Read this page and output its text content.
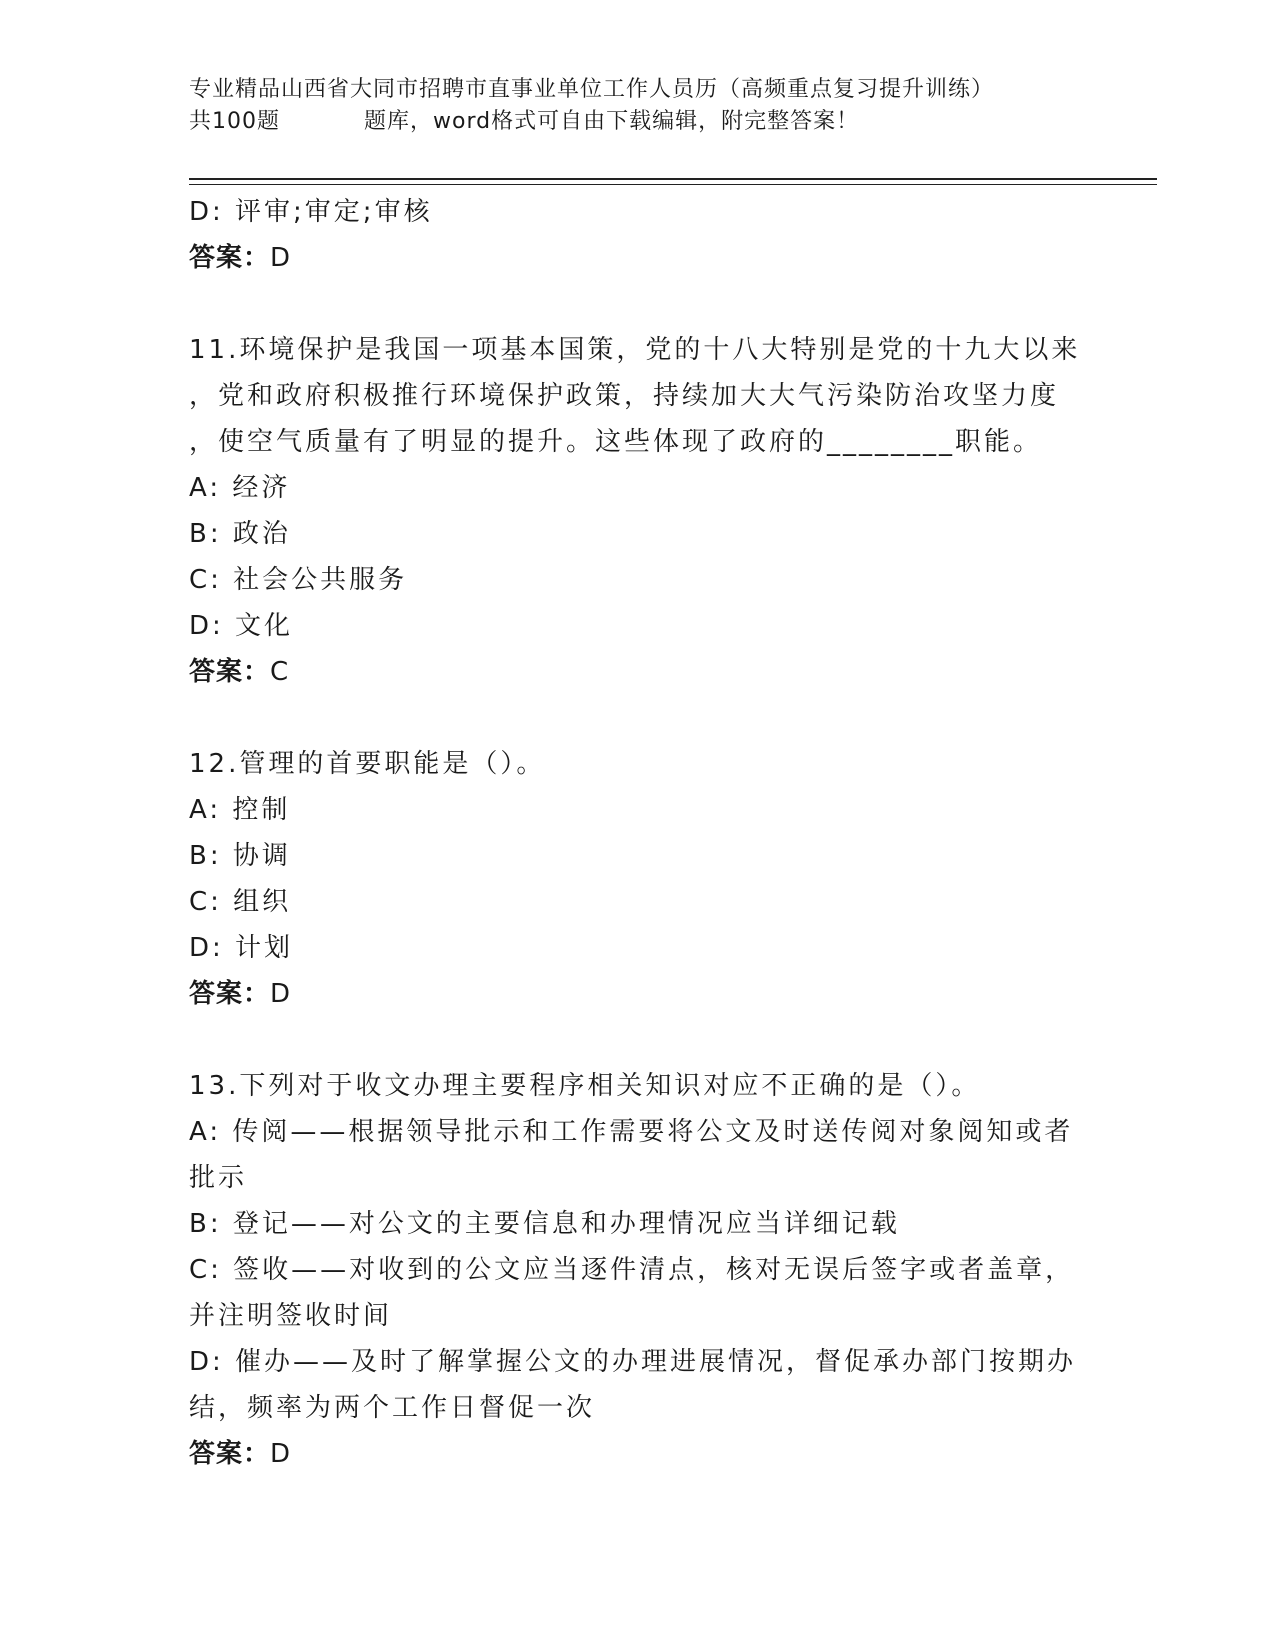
专业精品山西省大同市招聘市直事业单位工作人员历（高频重点复习提升训练）
共100题	题库，word格式可自由下载编辑，附完整答案！
D: 评审;审定;审核
答案：D
11.环境保护是我国一项基本国策，党的十八大特别是党的十九大以来
，党和政府积极推行环境保护政策，持续加大大气污染防治攻坚力度
，使空气质量有了明显的提升。这些体现了政府的________职能。
A: 经济
B: 政治
C: 社会公共服务
D: 文化
答案：C
12.管理的首要职能是（）。
A: 控制
B: 协调
C: 组织
D: 计划
答案：D
13.下列对于收文办理主要程序相关知识对应不正确的是（）。
A: 传阅——根据领导批示和工作需要将公文及时送传阅对象阅知或者
批示
B: 登记——对公文的主要信息和办理情况应当详细记载
C: 签收——对收到的公文应当逐件清点，核对无误后签字或者盖章，
并注明签收时间
D: 催办——及时了解掌握公文的办理进展情况，督促承办部门按期办
结，频率为两个工作日督促一次
答案：D
